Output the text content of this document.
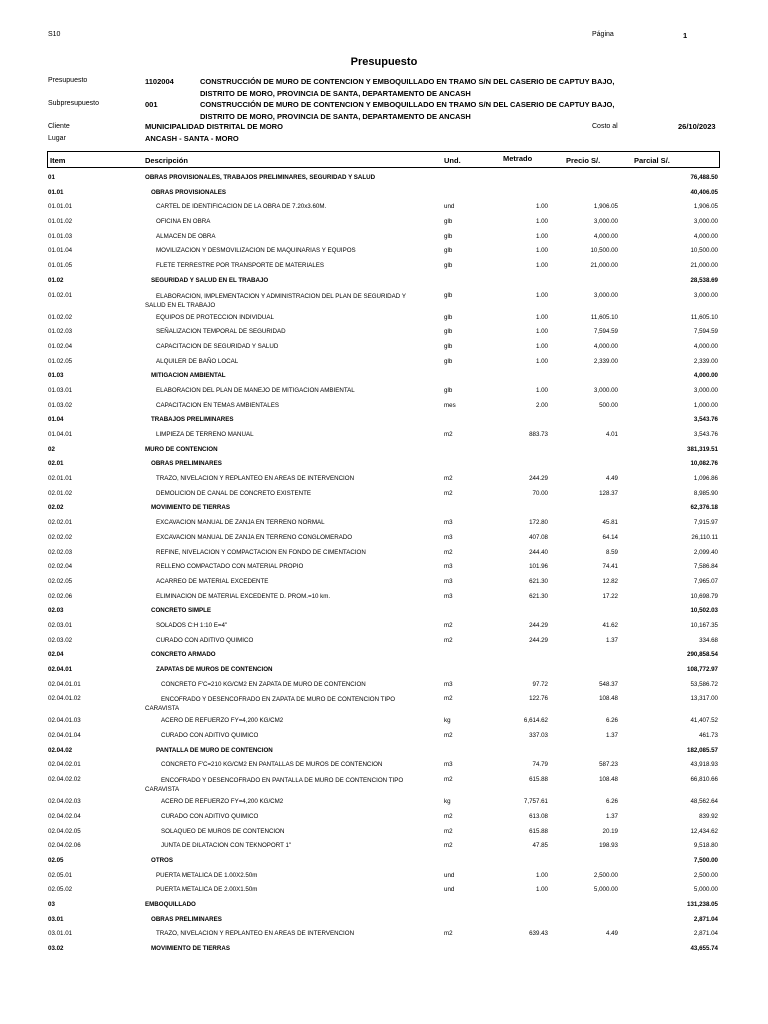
S10	Página	1
Presupuesto
Presupuesto	1102004	CONSTRUCCIÓN DE MURO DE CONTENCION Y EMBOQUILLADO EN TRAMO S/N DEL CASERIO DE CAPTUY BAJO,
DISTRITO DE MORO, PROVINCIA DE SANTA, DEPARTAMENTO DE ANCASH
Subpresupuesto	001	CONSTRUCCIÓN DE MURO DE CONTENCION Y EMBOQUILLADO EN TRAMO S/N DEL CASERIO DE CAPTUY BAJO,
DISTRITO DE MORO, PROVINCIA DE SANTA, DEPARTAMENTO DE ANCASH
Cliente	MUNICIPALIDAD DISTRITAL DE MORO	Costo al	26/10/2023
Lugar	ANCASH - SANTA - MORO
Item	Descripción	Und.	Metrado	Precio S/.	Parcial S/.
01	OBRAS PROVISIONALES, TRABAJOS PRELIMINARES, SEGURIDAD Y SALUD	76,488.50
01.01	OBRAS PROVISIONALES	40,406.05
01.01.01	CARTEL DE IDENTIFICACION DE LA OBRA DE 7.20x3.60M.	und	1.00	1,906.05	1,906.05
01.01.02	OFICINA EN OBRA	glb	1.00	3,000.00	3,000.00
01.01.03	ALMACEN DE OBRA	glb	1.00	4,000.00	4,000.00
01.01.04	MOVILIZACION Y DESMOVILIZACION DE MAQUINARIAS Y EQUIPOS	glb	1.00	10,500.00	10,500.00
01.01.05	FLETE TERRESTRE POR TRANSPORTE DE MATERIALES	glb	1.00	21,000.00	21,000.00
01.02	SEGURIDAD Y SALUD EN EL TRABAJO	28,538.69
01.02.01	ELABORACION, IMPLEMENTACION Y ADMINISTRACION DEL PLAN DE SEGURIDAD Y SALUD EN EL TRABAJO
glb	1.00	3,000.00	3,000.00
01.02.02	EQUIPOS DE PROTECCION INDIVIDUAL	glb	1.00	11,605.10	11,605.10
01.02.03	SEÑALIZACION TEMPORAL DE SEGURIDAD	glb	1.00	7,594.59	7,594.59
01.02.04	CAPACITACION DE SEGURIDAD Y SALUD	glb	1.00	4,000.00	4,000.00
01.02.05	ALQUILER DE BAÑO LOCAL	glb	1.00	2,339.00	2,339.00
01.03	MITIGACION AMBIENTAL	4,000.00
01.03.01	ELABORACION DEL PLAN DE MANEJO DE MITIGACION AMBIENTAL	glb	1.00	3,000.00	3,000.00
01.03.02	CAPACITACION EN TEMAS AMBIENTALES	mes	2.00	500.00	1,000.00
01.04	TRABAJOS PRELIMINARES	3,543.76
01.04.01	LIMPIEZA DE TERRENO MANUAL	m2	883.73	4.01	3,543.76
02	MURO DE CONTENCION	381,319.51
02.01	OBRAS PRELIMINARES	10,082.76
02.01.01	TRAZO, NIVELACION Y REPLANTEO EN AREAS DE INTERVENCION	m2	244.29	4.49	1,096.86
02.01.02	DEMOLICION DE CANAL DE CONCRETO EXISTENTE	m2	70.00	128.37	8,985.90
02.02	MOVIMIENTO DE TIERRAS	62,376.18
02.02.01	EXCAVACION MANUAL DE ZANJA EN TERRENO NORMAL	m3	172.80	45.81	7,915.97
02.02.02	EXCAVACION MANUAL DE ZANJA EN TERRENO CONGLOMERADO	m3	407.08	64.14	26,110.11
02.02.03	REFINE, NIVELACION Y COMPACTACION EN FONDO DE CIMENTACION	m2	244.40	8.59	2,099.40
02.02.04	RELLENO COMPACTADO CON MATERIAL PROPIO	m3	101.96	74.41	7,586.84
02.02.05	ACARREO DE MATERIAL EXCEDENTE	m3	621.30	12.82	7,965.07
02.02.06	ELIMINACION DE MATERIAL EXCEDENTE D. PROM.=10 km.	m3	621.30	17.22	10,698.79
02.03	CONCRETO SIMPLE	10,502.03
02.03.01	SOLADOS C:H 1:10 E=4"	m2	244.29	41.62	10,167.35
02.03.02	CURADO CON ADITIVO QUIMICO	m2	244.29	1.37	334.68
02.04	CONCRETO ARMADO	290,858.54
02.04.01	ZAPATAS DE MUROS DE CONTENCION	108,772.97
02.04.01.01	CONCRETO F'C=210 KG/CM2 EN ZAPATA DE MURO DE CONTENCION	m3	97.72	548.37	53,586.72
02.04.01.02	ENCOFRADO Y DESENCOFRADO EN ZAPATA DE MURO DE CONTENCION TIPO CARAVISTA
m2	122.76	108.48	13,317.00
02.04.01.03	ACERO DE REFUERZO FY=4,200 KG/CM2	kg	6,614.62	6.26	41,407.52
02.04.01.04	CURADO CON ADITIVO QUIMICO	m2	337.03	1.37	461.73
02.04.02	PANTALLA DE MURO DE CONTENCION	182,085.57
02.04.02.01	CONCRETO F'C=210 KG/CM2 EN PANTALLAS DE MUROS DE CONTENCION	m3	74.79	587.23	43,918.93
02.04.02.02	ENCOFRADO Y DESENCOFRADO EN PANTALLA DE MURO DE CONTENCION TIPO CARAVISTA
m2	615.88	108.48	66,810.66
02.04.02.03	ACERO DE REFUERZO FY=4,200 KG/CM2	kg	7,757.61	6.26	48,562.64
02.04.02.04	CURADO CON ADITIVO QUIMICO	m2	613.08	1.37	839.92
02.04.02.05	SOLAQUEO DE MUROS DE CONTENCION	m2	615.88	20.19	12,434.62
02.04.02.06	JUNTA DE DILATACION CON TEKNOPORT 1"	m2	47.85	198.93	9,518.80
02.05	OTROS	7,500.00
02.05.01	PUERTA METALICA DE 1.00X2.50m	und	1.00	2,500.00	2,500.00
02.05.02	PUERTA METALICA DE 2.00X1.50m	und	1.00	5,000.00	5,000.00
03	EMBOQUILLADO	131,238.05
03.01	OBRAS PRELIMINARES	2,871.04
03.01.01	TRAZO, NIVELACION Y REPLANTEO EN AREAS DE INTERVENCION	m2	639.43	4.49	2,871.04
03.02	MOVIMIENTO DE TIERRAS	43,655.74
